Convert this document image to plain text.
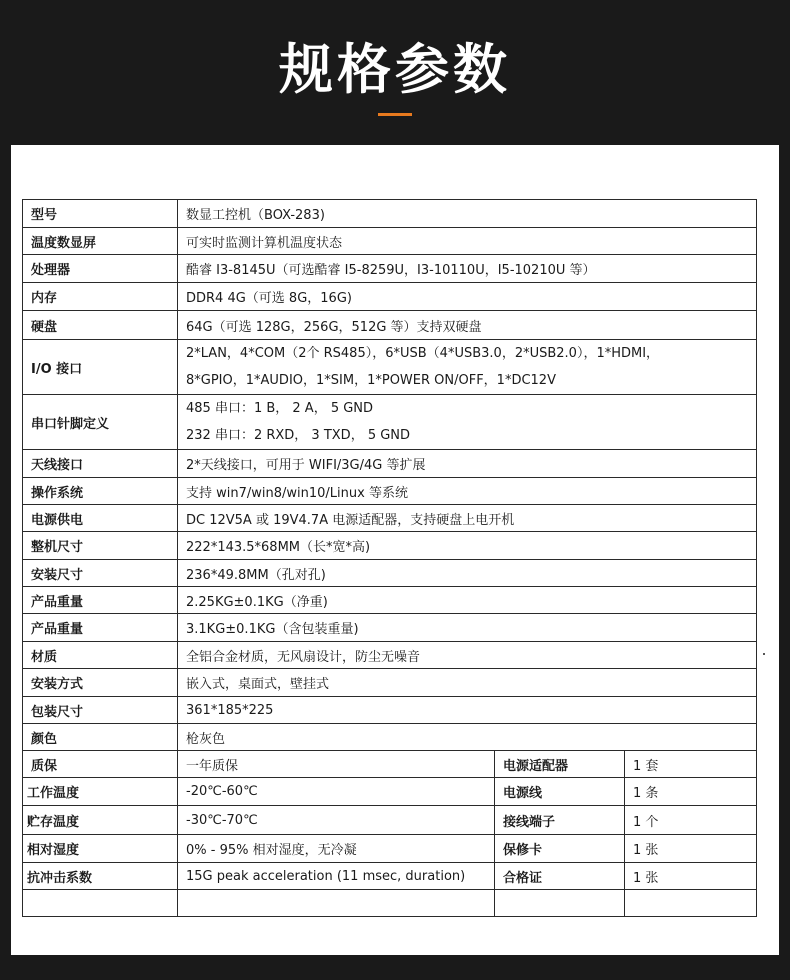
规格参数
型号	数显工控机（BOX-283)		
温度数显屏	可实时监测计算机温度状态		
处理器	酷睿 I3-8145U（可选酷睿 I5-8259U，I3-10110U，I5-10210U 等）		
内存	DDR4 4G（可选 8G，16G)		
硬盘	64G（可选 128G，256G，512G 等）支持双硬盘		
I/O 接口	2*LAN，4*COM（2个 RS485），6*USB（4*USB3.0，2*USB2.0），1*HDMI，
8*GPIO，1*AUDIO，1*SIM，1*POWER ON/OFF，1*DC12V		

串口针脚定义	485 串口：1 B， 2 A， 5 GND
232 串口：2 RXD， 3 TXD， 5 GND		

天线接口	2*天线接口，可用于 WIFI/3G/4G 等扩展		
操作系统	支持 win7/win8/win10/Linux 等系统		
电源供电	DC 12V5A 或 19V4.7A 电源适配器，支持硬盘上电开机		
整机尺寸	222*143.5*68MM（长*宽*高)		
安装尺寸	236*49.8MM（孔对孔)		
产品重量	2.25KG±0.1KG（净重)		
产品重量	3.1KG±0.1KG（含包装重量)		
材质	全铝合金材质，无风扇设计，防尘无噪音		
安装方式	嵌入式，桌面式，壁挂式		
包装尺寸	361*185*225		
颜色	枪灰色		
质保	一年质保	电源适配器	1 套
工作温度	-20℃-60℃	电源线	1 条
贮存温度	-30℃-70℃	接线端子	1 个
相对湿度	0% - 95% 相对湿度，无冷凝	保修卡	1 张
抗冲击系数	15G peak acceleration (11 msec, duration)	合格证	1 张
